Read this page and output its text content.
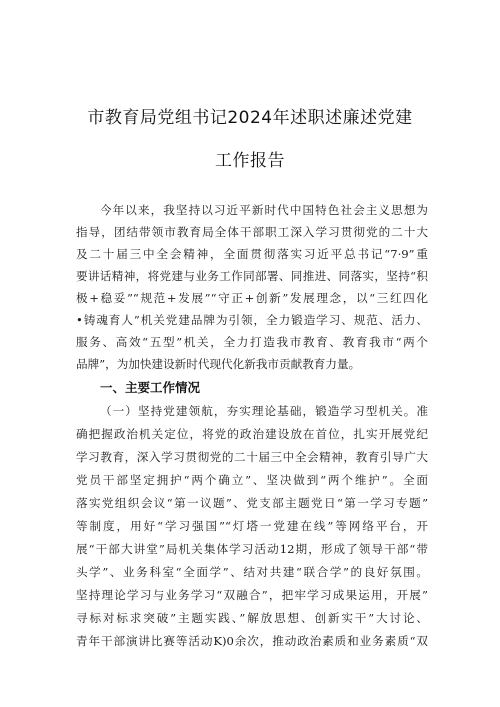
市教育局党组书记2024年述职述廉述党建
工作报告
今年以来，我坚持以习近平新时代中国特色社会主义思想为
指导，团结带领市教育局全体干部职工深入学习贯彻党的二十大
及二十届三中全会精神，全面贯彻落实习近平总书记“7·9”重
要讲话精神，将党建与业务工作同部署、同推进、同落实，坚持“积
极+稳妥”“规范+发展”“守正+创新”发展理念，以“三红四化
•铸魂育人”机关党建品牌为引领，全力锻造学习、规范、活力、
服务、高效“五型”机关，全力打造我市教育、教育我市“两个
品牌”，为加快建设新时代现代化新我市贡献教育力量。
一、主要工作情况
（一）坚持党建领航，夯实理论基础，锻造学习型机关。准
确把握政治机关定位，将党的政治建设放在首位，扎实开展党纪
学习教育，深入学习贯彻党的二十届三中全会精神，教育引导广大
党员干部坚定拥护“两个确立”、坚决做到“两个维护”。全面
落实党组织会议“第一议题”、党支部主题党日“第一学习专题”
等制度，用好“学习强国”“灯塔一党建在线”等网络平台，开
展“干部大讲堂”局机关集体学习活动12期，形成了领导干部“带
头学”、业务科室“全面学”、结对共建“联合学”的良好氛围。
坚持理论学习与业务学习“双融合”，把牢学习成果运用，开展”
寻标对标求突破”主题实践、”解放思想、创新实干”大讨论、
青年干部演讲比赛等活动K)0余次，推动政治素质和业务素质“双
